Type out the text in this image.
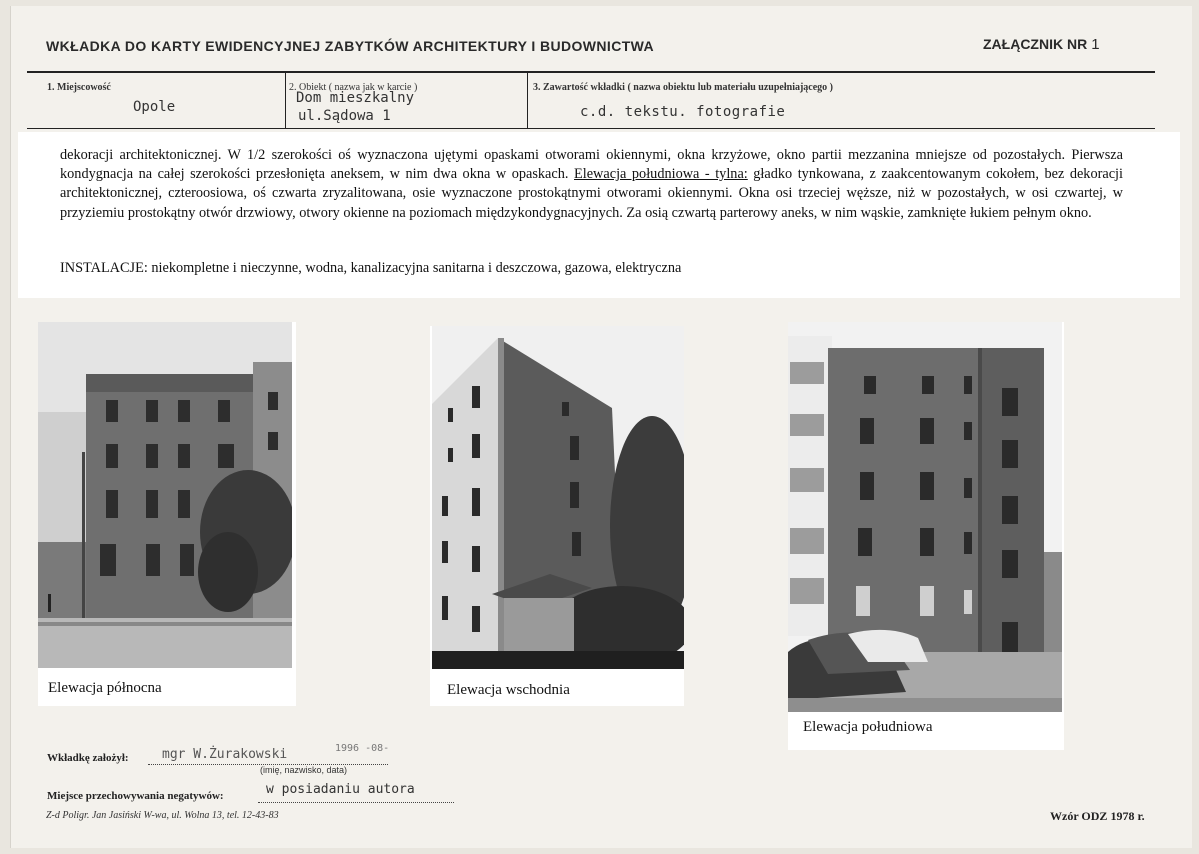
WKŁADKA DO KARTY EWIDENCYJNEJ ZABYTKÓW ARCHITEKTURY I BUDOWNICTWA	ZAŁĄCZNIK NR 1
1. Miejscowość
Opole
2. Obiekt ( nazwa jak w karcie )
Dom mieszkalny
ul.Sądowa 1
3. Zawartość wkładki ( nazwa obiektu lub materiału uzupełniającego )
c.d. tekstu. fotografie
dekoracji architektonicznej. W 1/2 szerokości oś wyznaczona ujętymi opaskami otworami okiennymi, okna krzyżowe, okno partii mezzanina mniejsze od pozostałych. Pierwsza kondygnacja na całej szerokości przesłonięta aneksem, w nim dwa okna w opaskach. Elewacja południowa - tylna: gładko tynkowana, z zaakcentowanym cokołem, bez dekoracji architektonicznej, czteroosiowa, oś czwarta zryzalitowana, osie wyznaczone prostokątnymi otworami okiennymi. Okna osi trzeciej węższe, niż w pozostałych, w osi czwartej, w przyziemiu prostokątny otwór drzwiowy, otwory okienne na poziomach międzykondygnacyjnych. Za osią czwartą parterowy aneks, w nim wąskie, zamknięte łukiem pełnym okno.
INSTALACJE: niekompletne i nieczynne, wodna, kanalizacyjna sanitarna i deszczowa, gazowa, elektryczna
Elewacja północna	Elewacja wschodnia
Elewacja południowa
Wkładkę założył:	mgr W.Żurakowski	1996 -08-
(imię, nazwisko, data)
Miejsce przechowywania negatywów:	w posiadaniu autora
Z-d Poligr. Jan Jasiński W-wa, ul. Wolna 13, tel. 12-43-83	Wzór ODZ 1978 r.
